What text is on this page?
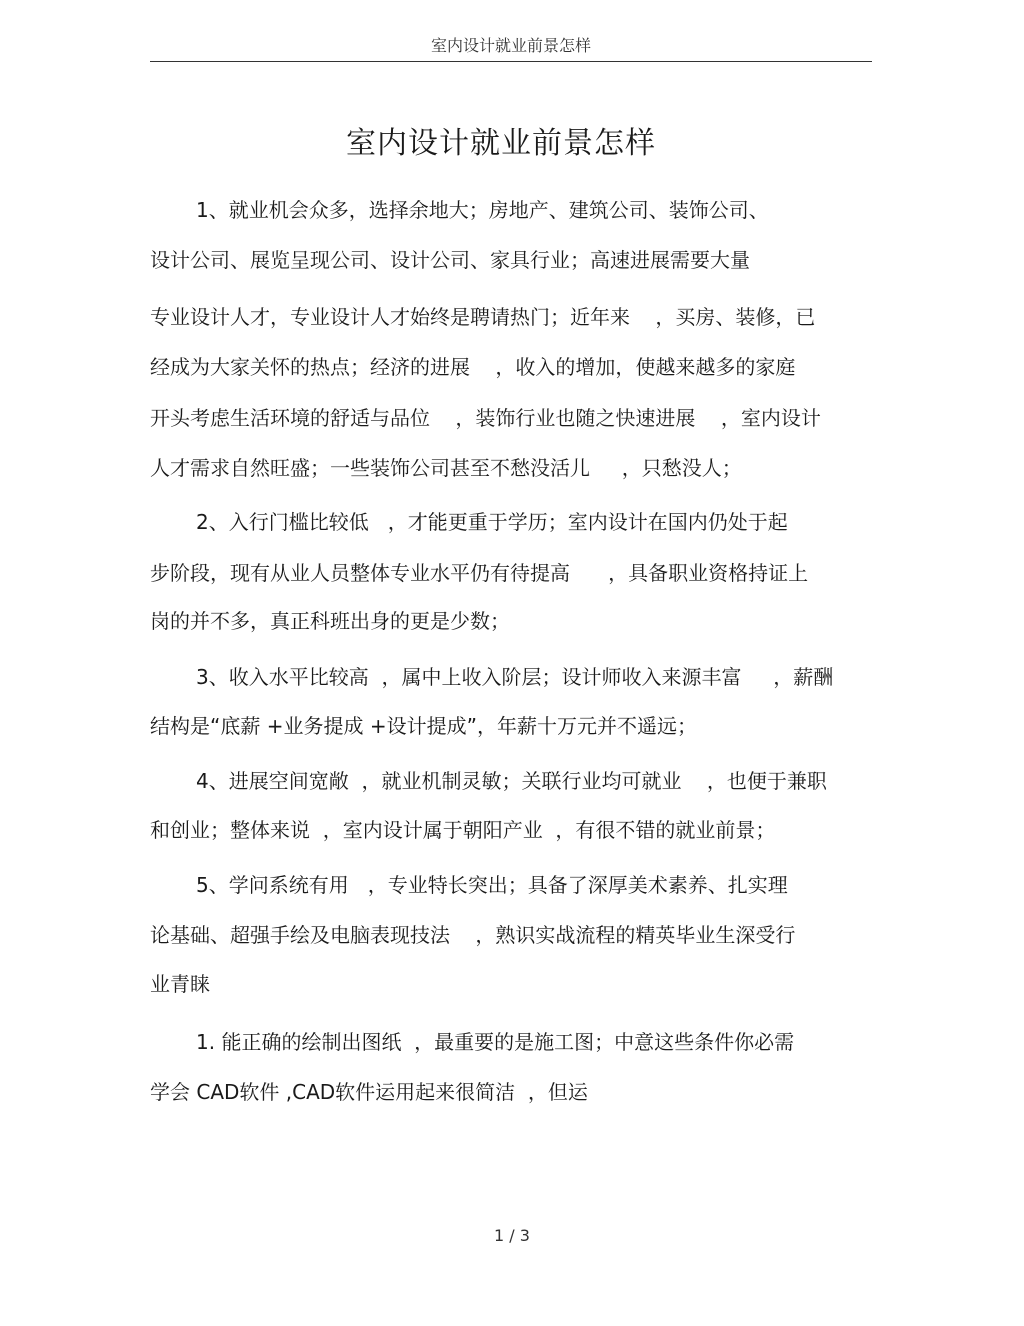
室内设计就业前景怎样
室内设计就业前景怎样
1、就业机会众多，选择余地大；房地产、建筑公司、装饰公司、
设计公司、展览呈现公司、设计公司、家具行业；高速进展需要大量
专业设计人才，专业设计人才始终是聘请热门；近年来    ，买房、装修，已
经成为大家关怀的热点；经济的进展    ，收入的增加，使越来越多的家庭
开头考虑生活环境的舒适与品位    ，装饰行业也随之快速进展    ，室内设计
人才需求自然旺盛；一些装饰公司甚至不愁没活儿     ，只愁没人；
2、入行门槛比较低   ，才能更重于学历；室内设计在国内仍处于起
步阶段，现有从业人员整体专业水平仍有待提高      ，具备职业资格持证上
岗的并不多，真正科班出身的更是少数；
3、收入水平比较高  ，属中上收入阶层；设计师收入来源丰富     ，薪酬
结构是“底薪 +业务提成 +设计提成”，年薪十万元并不遥远；
4、进展空间宽敞  ，就业机制灵敏；关联行业均可就业    ，也便于兼职
和创业；整体来说  ，室内设计属于朝阳产业  ，有很不错的就业前景；
5、学问系统有用   ，专业特长突出；具备了深厚美术素养、扎实理
论基础、超强手绘及电脑表现技法    ，熟识实战流程的精英毕业生深受行
业青睐
1. 能正确的绘制出图纸  ，最重要的是施工图；中意这些条件你必需
学会 CAD软件 ,CAD软件运用起来很简洁  ，但运
1 / 3
